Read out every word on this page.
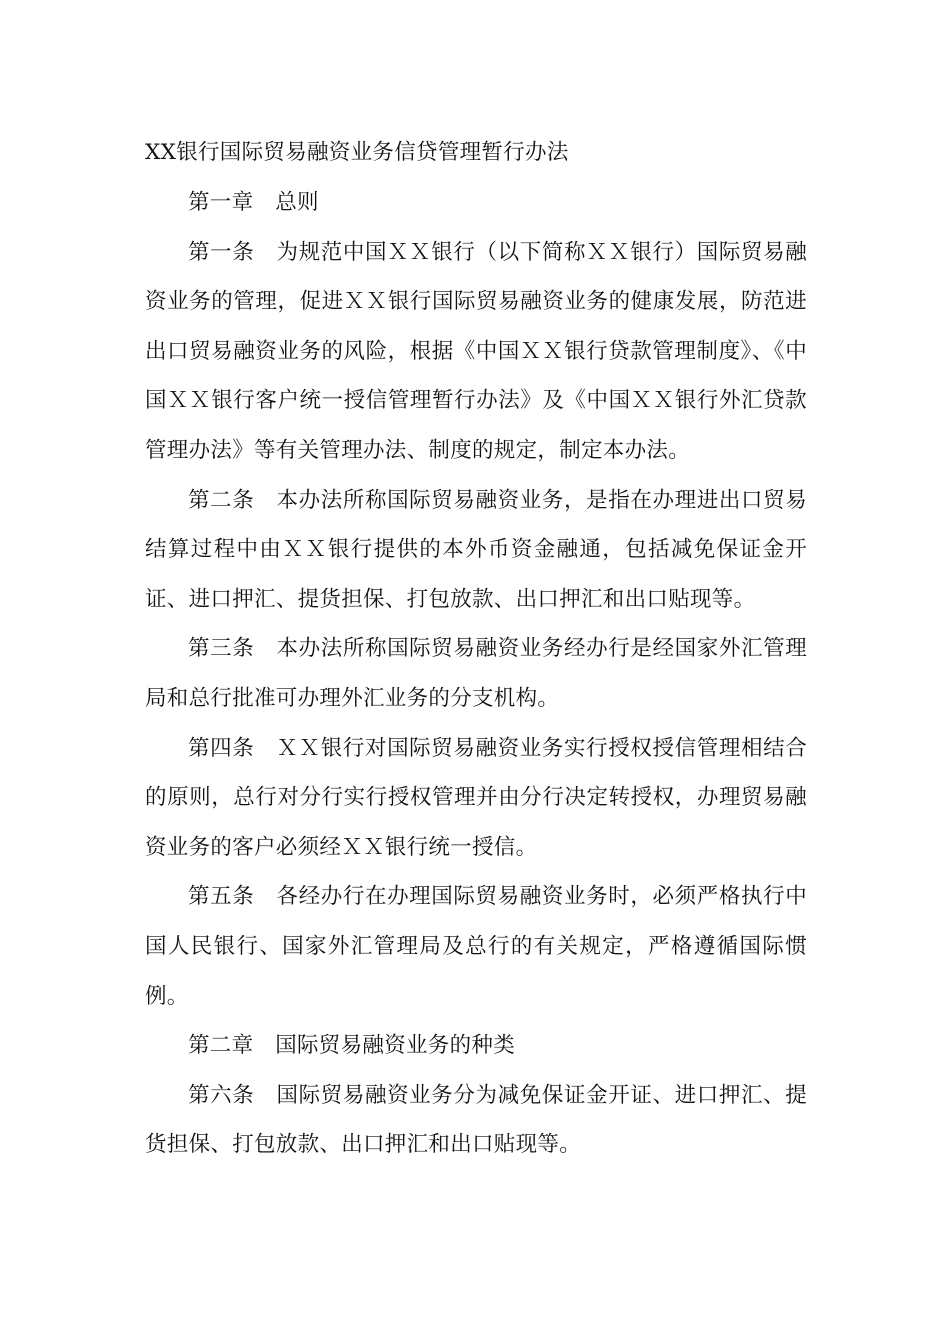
XX银行国际贸易融资业务信贷管理暂行办法

第一章　总则

第一条　为规范中国ＸＸ银行（以下简称ＸＸ银行）国际贸易融资业务的管理，促进ＸＸ银行国际贸易融资业务的健康发展，防范进出口贸易融资业务的风险，根据《中国ＸＸ银行贷款管理制度》、《中国ＸＸ银行客户统一授信管理暂行办法》及《中国ＸＸ银行外汇贷款管理办法》等有关管理办法、制度的规定，制定本办法。

第二条　本办法所称国际贸易融资业务，是指在办理进出口贸易结算过程中由ＸＸ银行提供的本外币资金融通，包括减免保证金开证、进口押汇、提货担保、打包放款、出口押汇和出口贴现等。

第三条　本办法所称国际贸易融资业务经办行是经国家外汇管理局和总行批准可办理外汇业务的分支机构。

第四条　ＸＸ银行对国际贸易融资业务实行授权授信管理相结合的原则，总行对分行实行授权管理并由分行决定转授权，办理贸易融资业务的客户必须经ＸＸ银行统一授信。

第五条　各经办行在办理国际贸易融资业务时，必须严格执行中国人民银行、国家外汇管理局及总行的有关规定，严格遵循国际惯例。

第二章　国际贸易融资业务的种类

第六条　国际贸易融资业务分为减免保证金开证、进口押汇、提货担保、打包放款、出口押汇和出口贴现等。
